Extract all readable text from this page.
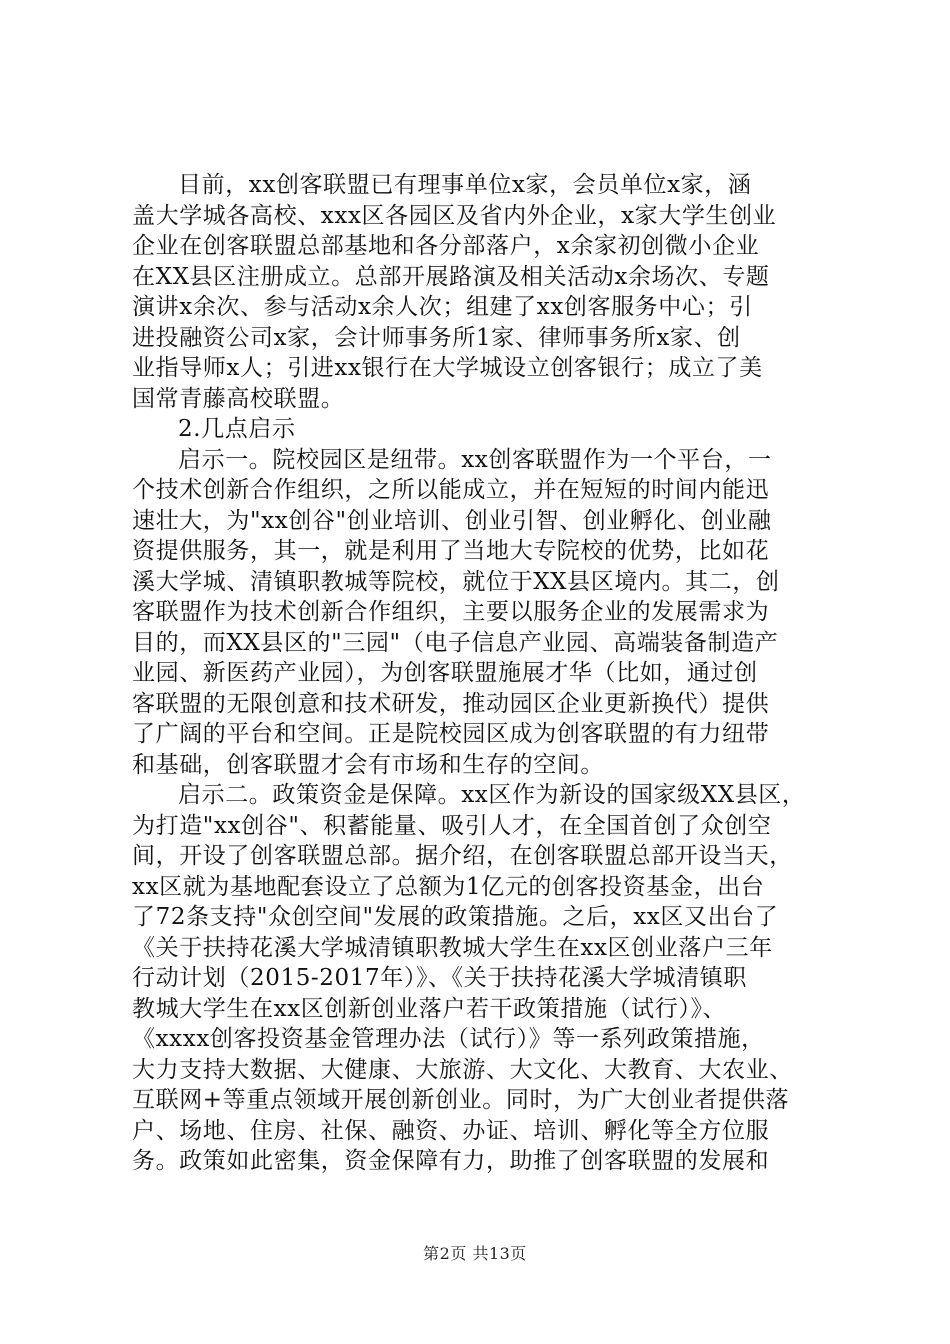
目前，xx创客联盟已有理事单位x家，会员单位x家，涵
盖大学城各高校、xxx区各园区及省内外企业，x家大学生创业
企业在创客联盟总部基地和各分部落户，x余家初创微小企业
在XX县区注册成立。总部开展路演及相关活动x余场次、专题
演讲x余次、参与活动x余人次；组建了xx创客服务中心；引
进投融资公司x家，会计师事务所1家、律师事务所x家、创
业指导师x人；引进xx银行在大学城设立创客银行；成立了美
国常青藤高校联盟。
2.几点启示
启示一。院校园区是纽带。xx创客联盟作为一个平台，一
个技术创新合作组织，之所以能成立，并在短短的时间内能迅
速壮大，为"xx创谷"创业培训、创业引智、创业孵化、创业融
资提供服务，其一，就是利用了当地大专院校的优势，比如花
溪大学城、清镇职教城等院校，就位于XX县区境内。其二，创
客联盟作为技术创新合作组织，主要以服务企业的发展需求为
目的，而XX县区的"三园"（电子信息产业园、高端装备制造产
业园、新医药产业园），为创客联盟施展才华（比如，通过创
客联盟的无限创意和技术研发，推动园区企业更新换代）提供
了广阔的平台和空间。正是院校园区成为创客联盟的有力纽带
和基础，创客联盟才会有市场和生存的空间。
启示二。政策资金是保障。xx区作为新设的国家级XX县区，
为打造"xx创谷"、积蓄能量、吸引人才，在全国首创了众创空
间，开设了创客联盟总部。据介绍，在创客联盟总部开设当天，
xx区就为基地配套设立了总额为1亿元的创客投资基金，出台
了72条支持"众创空间"发展的政策措施。之后，xx区又出台了
《关于扶持花溪大学城清镇职教城大学生在xx区创业落户三年
行动计划（2015-2017年）》、《关于扶持花溪大学城清镇职
教城大学生在xx区创新创业落户若干政策措施（试行）》、
《xxxx创客投资基金管理办法（试行）》等一系列政策措施，
大力支持大数据、大健康、大旅游、大文化、大教育、大农业、
互联网+等重点领域开展创新创业。同时，为广大创业者提供落
户、场地、住房、社保、融资、办证、培训、孵化等全方位服
务。政策如此密集，资金保障有力，助推了创客联盟的发展和
第2页 共13页
